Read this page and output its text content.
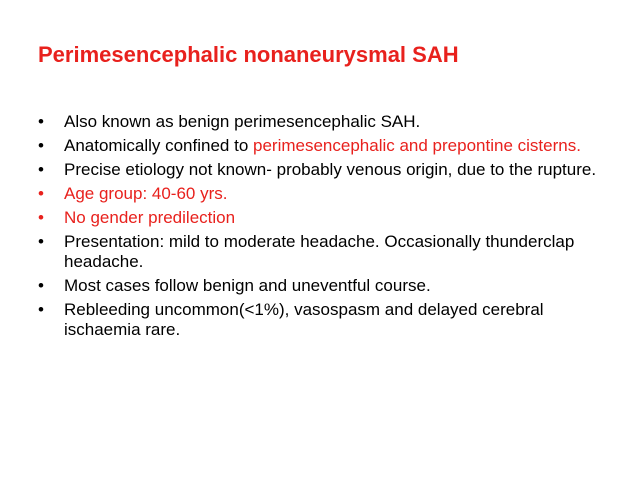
Perimesencephalic nonaneurysmal SAH
•	Also known as benign perimesencephalic SAH.
•	Anatomically confined to perimesencephalic and prepontine cisterns.
•	Precise etiology not known- probably venous origin, due to the rupture.
•	Age group: 40-60 yrs.
•	No gender predilection
•	Presentation: mild to moderate headache. Occasionally thunderclap headache.
•	Most cases follow benign and uneventful course.
•	Rebleeding uncommon(<1%), vasospasm and delayed cerebral ischaemia rare.
